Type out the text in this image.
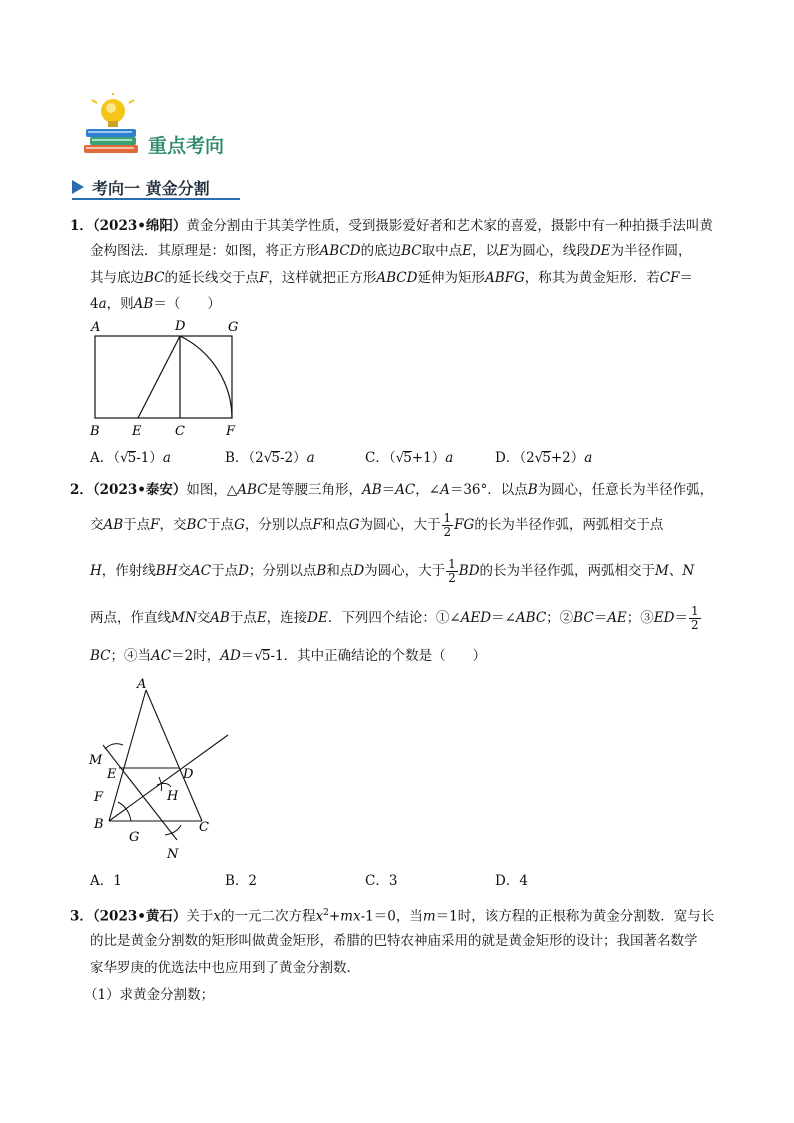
重点考向
考向一 黄金分割
1．（2023•绵阳）黄金分割由于其美学性质，受到摄影爱好者和艺术家的喜爱，摄影中有一种拍摄手法叫黄
金构图法．其原理是：如图，将正方形ABCD的底边BC取中点E，以E为圆心，线段DE为半径作圆，
其与底边BC的延长线交于点F，这样就把正方形ABCD延伸为矩形ABFG，称其为黄金矩形．若CF＝
4a，则AB＝（　　）
A	D	G
B E	C	F
A．（√5-1）a	B．（2√5-2）a	C．（√5+1）a	D．（2√5+2）a
2．（2023•泰安）如图，△ABC是等腰三角形，AB＝AC，∠A＝36°．以点B为圆心，任意长为半径作弧，
交AB于点F，交BC于点G，分别以点F和点G为圆心，大于 $\frac{1}{2}$ FG的长为半径作弧，两弧相交于点
H，作射线BH交AC于点D；分别以点B和点D为圆心，大于 $\frac{1}{2}$ BD的长为半径作弧，两弧相交于M、N
两点，作直线MN交AB于点E，连接DE．下列四个结论：①∠AED＝∠ABC；②BC＝AE；③ED＝ $\frac{1}{2}$
BC；④当AC＝2时，AD＝√5-1．其中正确结论的个数是（　　）
A
M
E	D
F	H
B
G
C
N
A．1	B．2	C．3	D．4
3．（2023•黄石）关于x的一元二次方程$x^2+mx-1=0$，当m＝1时，该方程的正根称为黄金分割数．宽与长
的比是黄金分割数的矩形叫做黄金矩形，希腊的巴特农神庙采用的就是黄金矩形的设计；我国著名数学
家华罗庚的优选法中也应用到了黄金分割数．
（1）求黄金分割数；
